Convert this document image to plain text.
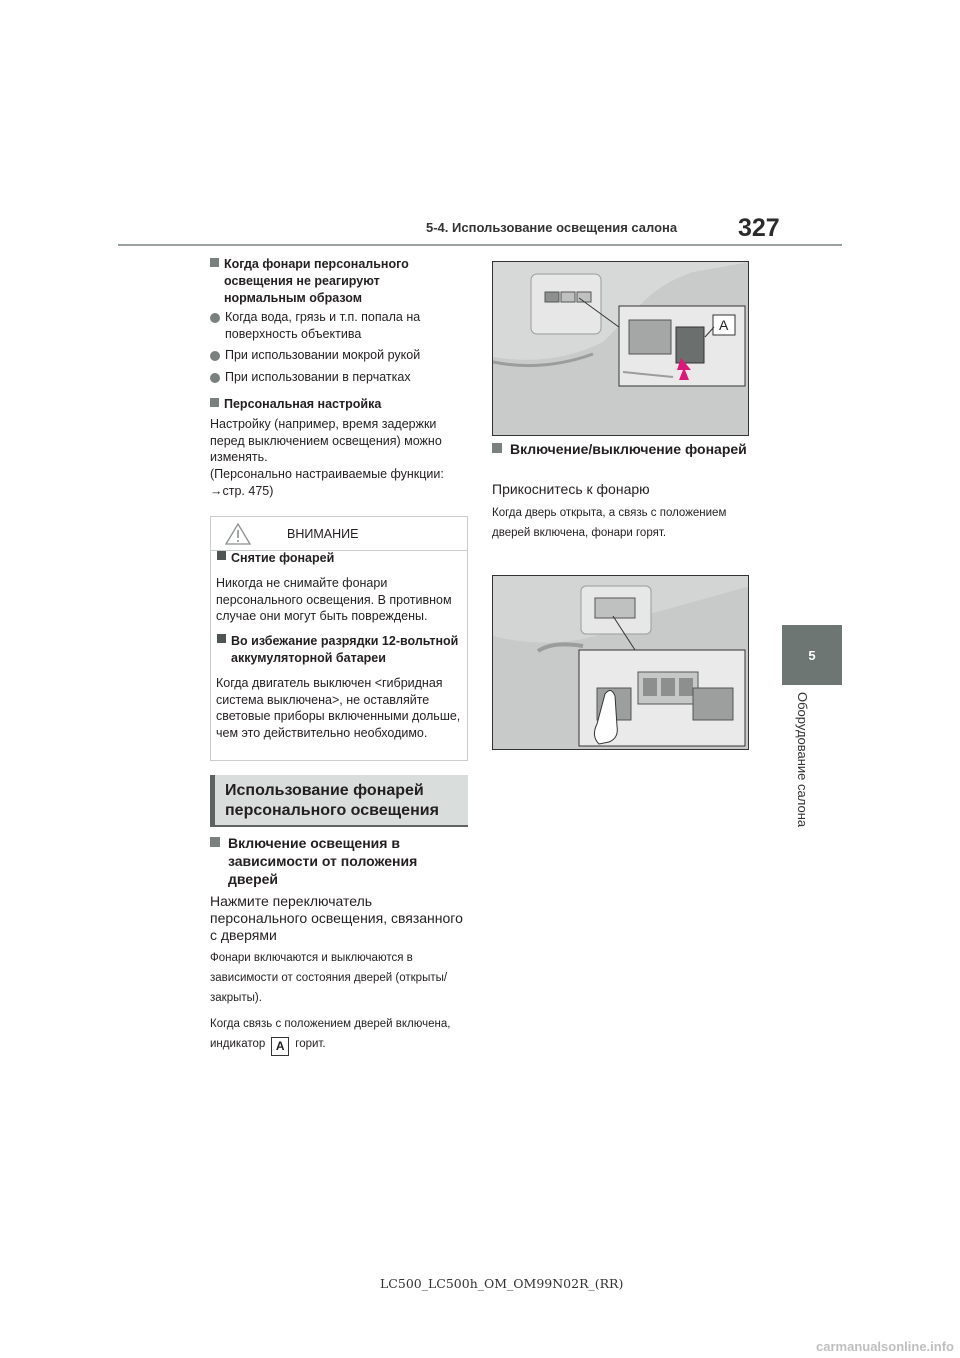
327
5-4. Использование освещения салона
5
Оборудование салона
Когда фонари персонального освещения не реагируют нормальным образом
Когда вода, грязь и т.п. попала на поверхность объектива
При использовании мокрой рукой
При использовании в перчатках
Персональная настройка
Настройку (например, время задержки перед выключением освещения) можно изменять.
(Персонально настраиваемые функции: →стр. 475)
ВНИМАНИЕ
Снятие фонарей
Никогда не снимайте фонари персонального освещения. В противном случае они могут быть повреждены.
Во избежание разрядки 12-вольтной аккумуляторной батареи
Когда двигатель выключен <гибридная система выключена>, не оставляйте световые приборы включенными дольше, чем это действительно необходимо.
Использование фонарей персонального освещения
Включение освещения в зависимости от положения дверей
Нажмите переключатель персонального освещения, связанного с дверями
Фонари включаются и выключаются в зависимости от состояния дверей (открыты/закрыты).
Когда связь с положением дверей включена, индикатор A горит.
A
Включение/выключение фонарей
Прикоснитесь к фонарю
Когда дверь открыта, а связь с положением дверей включена, фонари горят.
LC500_LC500h_OM_OM99N02R_(RR)
carmanualsonline.info
